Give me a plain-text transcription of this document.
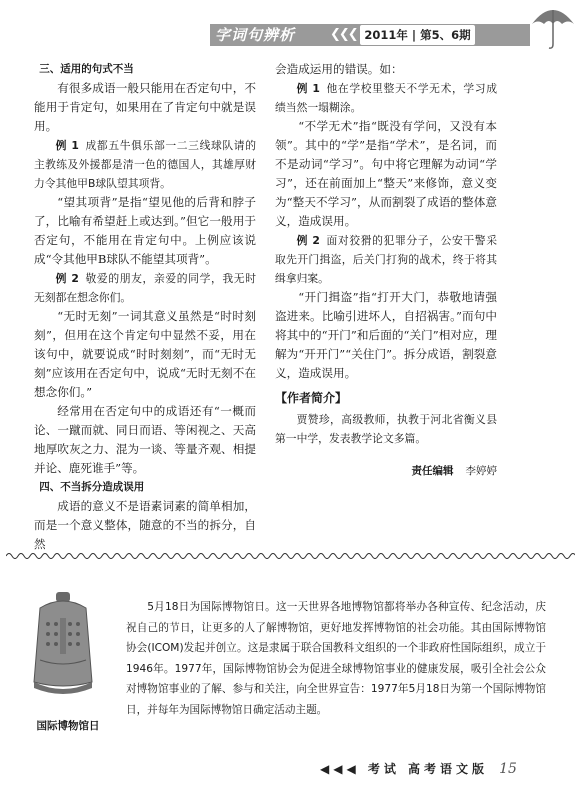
字词句辨析	❮❮❮ 2011年 | 第5、6期

三、适用的句式不当

有很多成语一般只能用在否定句中，不能用于肯定句，如果用在了肯定句中就是误用。

例 1 成都五牛俱乐部一二三线球队请的主教练及外援都是清一色的德国人，其雄厚财力令其他甲B球队望其项背。

“望其项背”是指“望见他的后背和脖子了，比喻有希望赶上或达到。”但它一般用于否定句，不能用在肯定句中。上例应该说成“令其他甲B球队不能望其项背”。

例 2 敬爱的朋友，亲爱的同学，我无时无刻都在想念你们。

“无时无刻”一词其意义虽然是“时时刻刻”，但用在这个肯定句中显然不妥，用在该句中，就要说成“时时刻刻”，而“无时无刻”应该用在否定句中，说成“无时无刻不在想念你们。”

经常用在否定句中的成语还有“一概而论、一蹴而就、同日而语、等闲视之、天高地厚吹灰之力、混为一谈、等量齐观、相提并论、鹿死谁手”等。

四、不当拆分造成误用

成语的意义不是语素词素的简单相加，而是一个意义整体，随意的不当的拆分，自然

会造成运用的错误。如：

例 1 他在学校里整天不学无术，学习成绩当然一塌糊涂。

“不学无术”指“既没有学问，又没有本领”。其中的“学”是指“学术”，是名词，而不是动词“学习”。句中将它理解为动词“学习”，还在前面加上“整天”来修饰，意义变为“整天不学习”，从而割裂了成语的整体意义，造成误用。

例 2 面对狡猾的犯罪分子，公安干警采取先开门揖盗，后关门打狗的战术，终于将其缉拿归案。

“开门揖盗”指“打开大门，恭敬地请强盗进来。比喻引进坏人，自招祸害。”而句中将其中的“开门”和后面的“关门”相对应，理解为“开开门”“关住门”。拆分成语，割裂意义，造成误用。

【作者简介】

贾赞珍，高级教师，执教于河北省衡义县第一中学，发表教学论文多篇。

责任编辑 李婷婷
国际博物馆日
5月18日为国际博物馆日。这一天世界各地博物馆都将举办各种宣传、纪念活动，庆祝自己的节日，让更多的人了解博物馆，更好地发挥博物馆的社会功能。其由国际博物馆协会(ICOM)发起并创立。这是隶属于联合国教科文组织的一个非政府性国际组织，成立于1946年。1977年，国际博物馆协会为促进全球博物馆事业的健康发展，吸引全社会公众对博物馆事业的了解、参与和关注，向全世界宣告：1977年5月18日为第一个国际博物馆日，并每年为国际博物馆日确定活动主题。
◀◀◀ 考试 高考语文版 15
